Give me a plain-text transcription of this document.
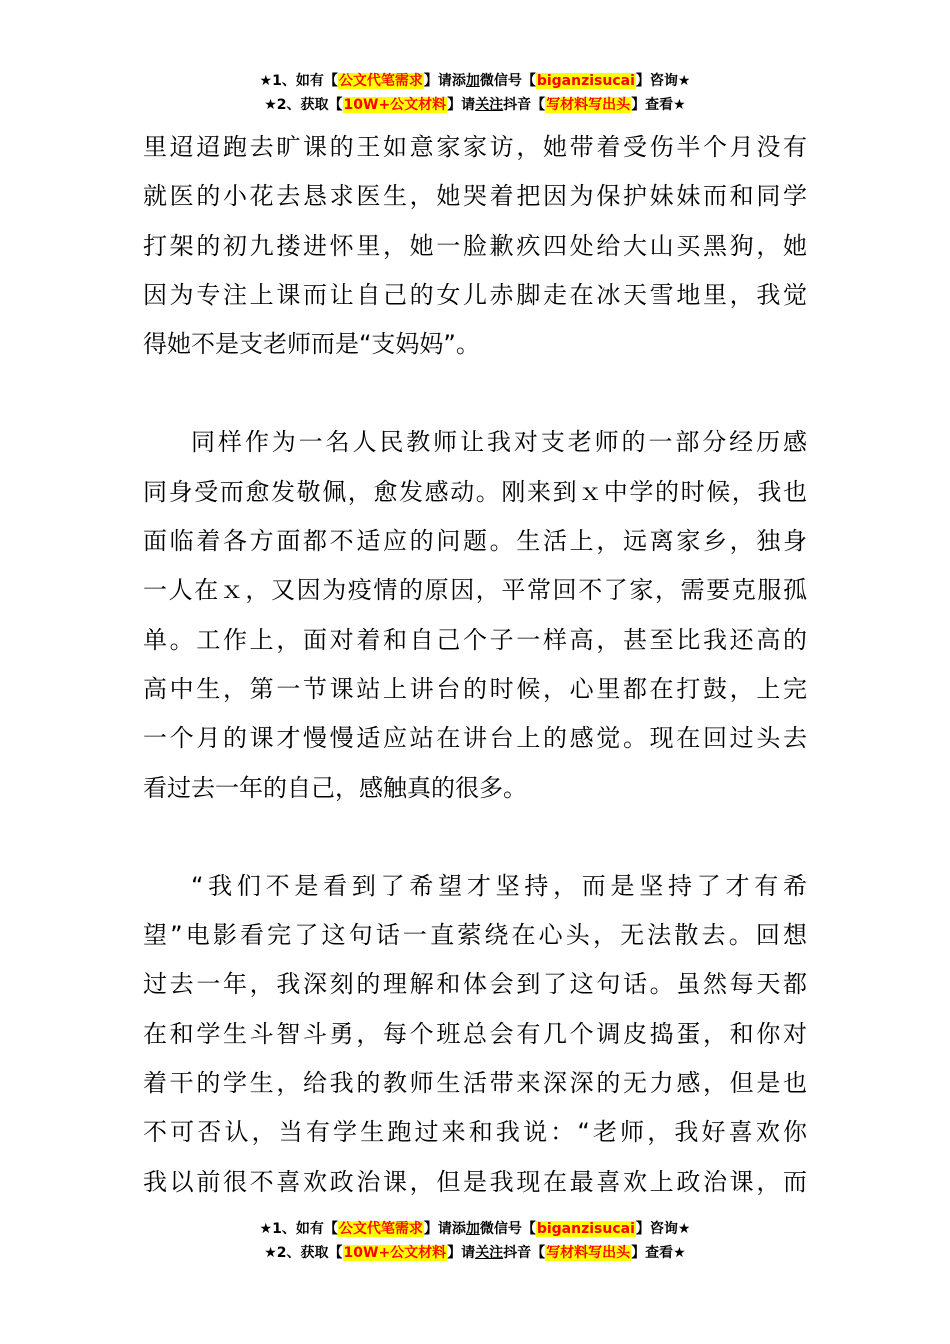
★1、如有【公文代笔需求】请添加微信号【biganzisucai】咨询★
★2、获取【10W+公文材料】请关注抖音【写材料写出头】查看★
里迢迢跑去旷课的王如意家家访，她带着受伤半个月没有
就医的小花去恳求医生，她哭着把因为保护妹妹而和同学
打架的初九搂进怀里，她一脸歉疚四处给大山买黑狗，她
因为专注上课而让自己的女儿赤脚走在冰天雪地里，我觉
得她不是支老师而是“支妈妈”。
同样作为一名人民教师让我对支老师的一部分经历感
同身受而愈发敬佩，愈发感动。刚来到ｘ中学的时候，我也
面临着各方面都不适应的问题。生活上，远离家乡，独身
一人在ｘ，又因为疫情的原因，平常回不了家，需要克服孤
单。工作上，面对着和自己个子一样高，甚至比我还高的
高中生，第一节课站上讲台的时候，心里都在打鼓，上完
一个月的课才慢慢适应站在讲台上的感觉。现在回过头去
看过去一年的自己，感触真的很多。
“我们不是看到了希望才坚持，而是坚持了才有希
望”电影看完了这句话一直萦绕在心头，无法散去。回想
过去一年，我深刻的理解和体会到了这句话。虽然每天都
在和学生斗智斗勇，每个班总会有几个调皮捣蛋，和你对
着干的学生，给我的教师生活带来深深的无力感，但是也
不可否认，当有学生跑过来和我说：“老师，我好喜欢你
我以前很不喜欢政治课，但是我现在最喜欢上政治课，而
★1、如有【公文代笔需求】请添加微信号【biganzisucai】咨询★
★2、获取【10W+公文材料】请关注抖音【写材料写出头】查看★
